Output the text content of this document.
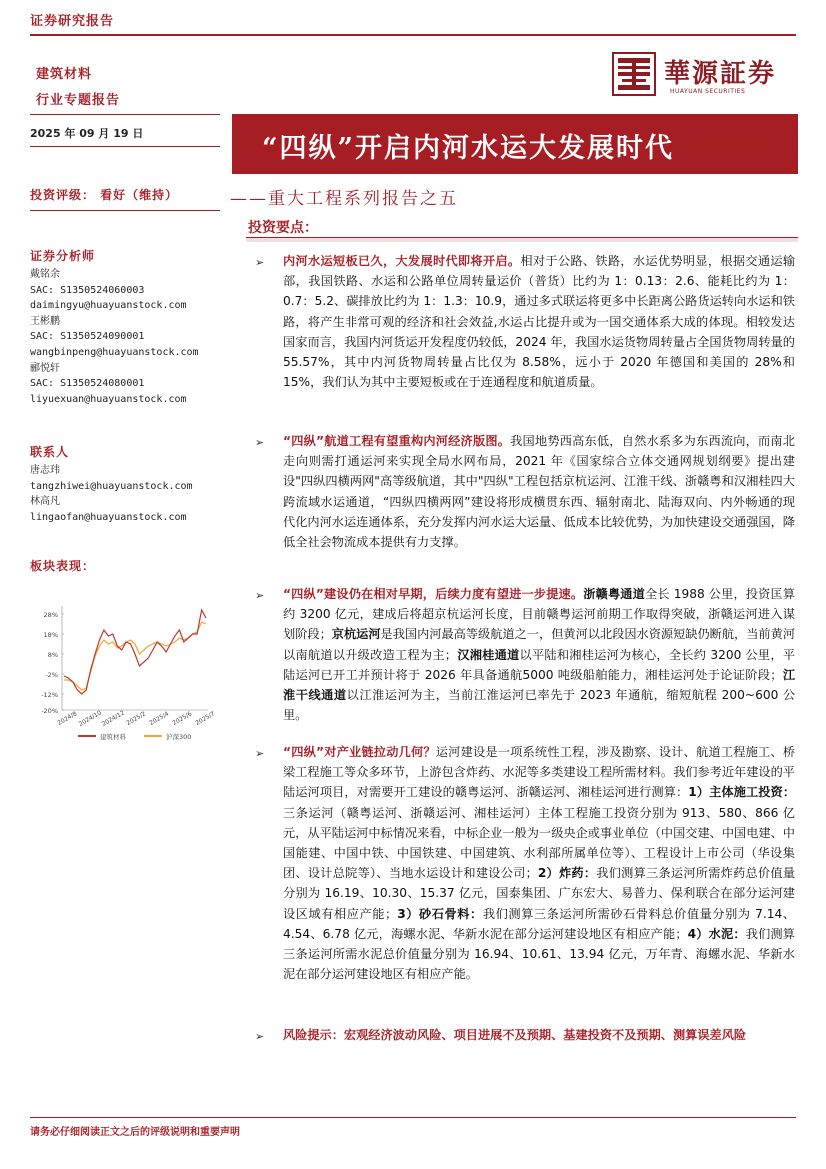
证券研究报告
建筑材料
行业专题报告
2025 年 09 月 19 日
投资评级： 看好（维持）
证券分析师
戴铭余
SAC: S1350524060003
daimingyu@huayuanstock.com
王彬鹏
SAC: S1350524090001
wangbinpeng@huayuanstock.com
郦悦轩
SAC: S1350524080001
liyuexuan@huayuanstock.com
联系人
唐志玮
tangzhiwei@huayuanstock.com
林高凡
lingaofan@huayuanstock.com
板块表现：
28%
18%
8%
-2%
-12%
-20%
2024/8 2024/10
2024/12 2025/2 2025/4 2025/6 2025/7
建筑材料	沪深300
華源証券
HUAYUAN SECURITIES
“四纵”开启内河水运大发展时代
——重大工程系列报告之五
投资要点：
➢ 内河水运短板已久，大发展时代即将开启。相对于公路、铁路，水运优势明显，根据交通运输部，我国铁路、水运和公路单位周转量运价（普货）比约为 1：0.13：2.6、能耗比约为 1：0.7：5.2、碳排放比约为 1：1.3：10.9，通过多式联运将更多中长距离公路货运转向水运和铁路，将产生非常可观的经济和社会效益,水运占比提升或为一国交通体系大成的体现。相较发达国家而言，我国内河货运开发程度仍较低，2024 年，我国水运货物周转量占全国货物周转量的 55.57%，其中内河货物周转量占比仅为 8.58%，远小于 2020 年德国和美国的 28%和 15%，我们认为其中主要短板或在于连通程度和航道质量。
➢ “四纵”航道工程有望重构内河经济版图。我国地势西高东低，自然水系多为东西流向，而南北走向则需打通运河来实现全局水网布局，2021 年《国家综合立体交通网规划纲要》提出建设"四纵四横两网"高等级航道，其中"四纵"工程包括京杭运河、江淮干线、浙赣粤和汉湘桂四大跨流域水运通道，“四纵四横两网”建设将形成横贯东西、辐射南北、陆海双向、内外畅通的现代化内河水运连通体系，充分发挥内河水运大运量、低成本比较优势，为加快建设交通强国，降低全社会物流成本提供有力支撑。
➢ “四纵”建设仍在相对早期，后续力度有望进一步提速。浙赣粤通道全长 1988 公里，投资匡算约 3200 亿元，建成后将超京杭运河长度，目前赣粤运河前期工作取得突破，浙赣运河进入谋划阶段；京杭运河是我国内河最高等级航道之一，但黄河以北段因水资源短缺仍断航，当前黄河以南航道以升级改造工程为主；汉湘桂通道以平陆和湘桂运河为核心，全长约 3200 公里，平陆运河已开工并预计将于 2026 年具备通航5000 吨级船舶能力，湘桂运河处于论证阶段；江淮干线通道以江淮运河为主，当前江淮运河已率先于 2023 年通航，缩短航程 200~600 公里。
➢ “四纵”对产业链拉动几何？运河建设是一项系统性工程，涉及勘察、设计、航道工程施工、桥梁工程施工等众多环节，上游包含炸药、水泥等多类建设工程所需材料。我们参考近年建设的平陆运河项目，对需要开工建设的赣粤运河、浙赣运河、湘桂运河进行测算：1）主体施工投资：三条运河（赣粤运河、浙赣运河、湘桂运河）主体工程施工投资分别为 913、580、866 亿元，从平陆运河中标情况来看，中标企业一般为一级央企或事业单位（中国交建、中国电建、中国能建、中国中铁、中国铁建、中国建筑、水利部所属单位等）、工程设计上市公司（华设集团、设计总院等）、当地水运设计和建设公司；2）炸药：我们测算三条运河所需炸药总价值量分别为 16.19、10.30、15.37 亿元，国泰集团、广东宏大、易普力、保利联合在部分运河建设区域有相应产能；3）砂石骨料：我们测算三条运河所需砂石骨料总价值量分别为 7.14、4.54、6.78 亿元，海螺水泥、华新水泥在部分运河建设地区有相应产能；4）水泥：我们测算三条运河所需水泥总价值量分别为 16.94、10.61、13.94 亿元，万年青、海螺水泥、华新水泥在部分运河建设地区有相应产能。
➢ 风险提示：宏观经济波动风险、项目进展不及预期、基建投资不及预期、测算误差风险
请务必仔细阅读正文之后的评级说明和重要声明
